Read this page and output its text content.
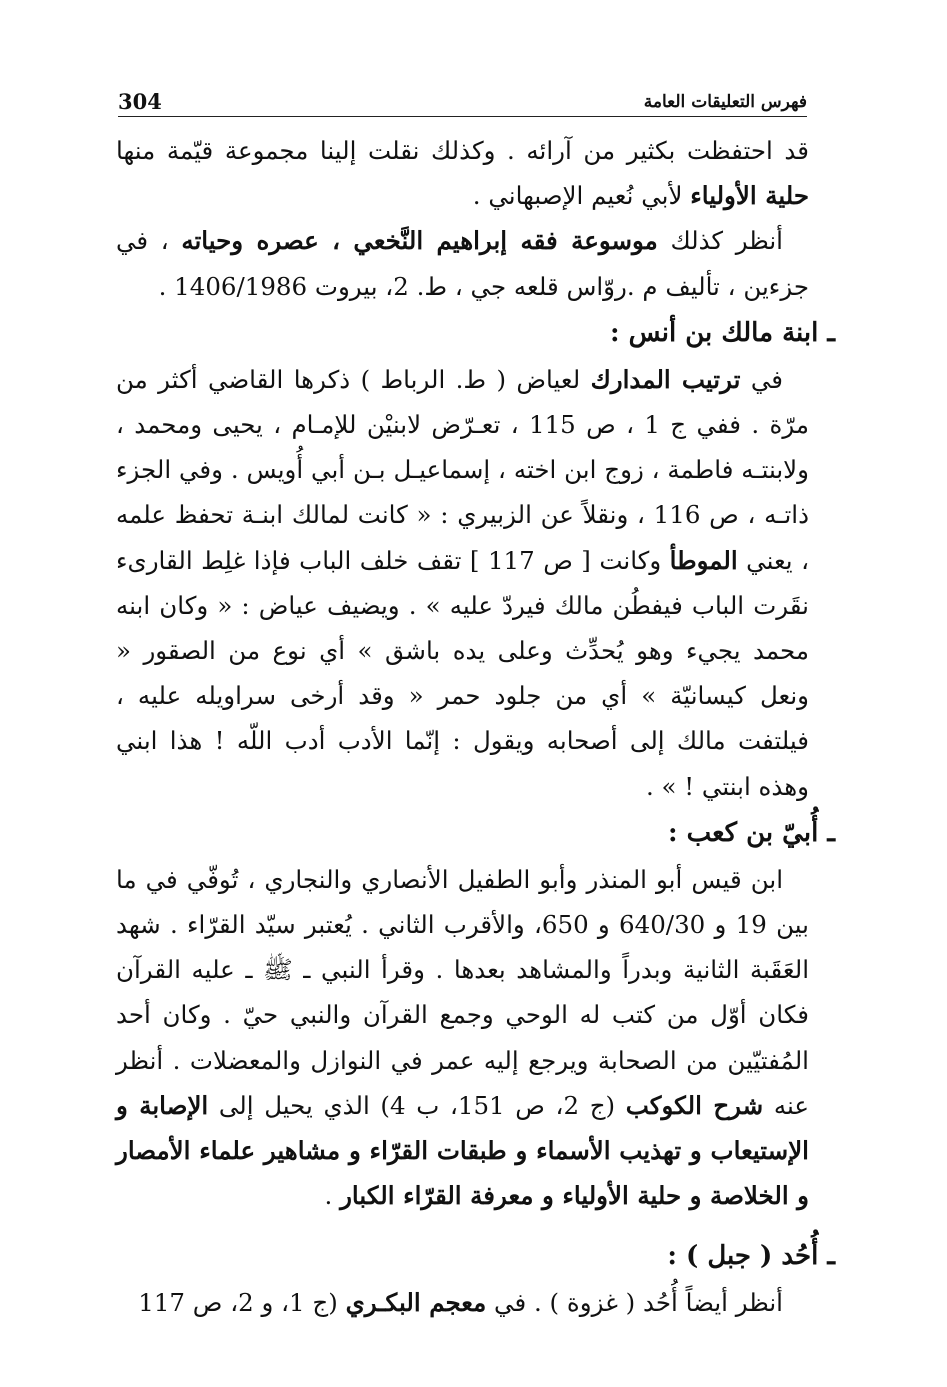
فهرس التعليقات العامة
304

قد احتفظت بكثير من آرائه . وكذلك نقلت إلينا مجموعة قيّمة منها حلية الأولياء لأبي نُعيم الإصبهاني .

أنظر كذلك موسوعة فقه إبراهيم النَّخعي ، عصره وحياته ، في جزءين ، تأليف م .روّاس قلعه جي ، ط. 2، بيروت 1406/1986 .

ـ ابنة مالك بن أنس :

في ترتيب المدارك لعياض ( ط. الرباط ) ذكرها القاضي أكثر من مرّة . ففي ج 1 ، ص 115 ، تعـرّض لابنيْن للإمـام ، يحيى ومحمد ، ولابنتـه فاطمة ، زوج ابن اخته ، إسماعيـل بـن أبي أُويس . وفي الجزء ذاتـه ، ص 116 ، ونقلاً عن الزبيري : « كانت لمالك ابنـة تحفظ علمه ، يعني الموطأ وكانت [ ص 117 ] تقف خلف الباب فإذا غلِط القارىء نقَرت الباب فيفطُن مالك فيردّ عليه » . ويضيف عياض : « وكان ابنه محمد يجيء وهو يُحدِّث وعلى يده باشق » أي نوع من الصقور « ونعل كيسانيّة » أي من جلود حمر « وقد أرخى سراويله عليه ، فيلتفت مالك إلى أصحابه ويقول : إنّما الأدب أدب اللّه ! هذا ابني وهذه ابنتي ! » .

ـ أُبيّ بن كعب :

ابن قيس أبو المنذر وأبو الطفيل الأنصاري والنجاري ، تُوفّي في ما بين 19 و 640/30 و 650، والأقرب الثاني . يُعتبر سيّد القرّاء . شهد العَقَبة الثانية وبدراً والمشاهد بعدها . وقرأ النبي ـ ﷺ ـ عليه القرآن فكان أوّل من كتب له الوحي وجمع القرآن والنبي حيّ . وكان أحد المُفتيّين من الصحابة ويرجع إليه عمر في النوازل والمعضلات . أنظر عنه شرح الكوكب (ج 2، ص 151، ب 4) الذي يحيل إلى الإصابة و الإستيعاب و تهذيب الأسماء و طبقات القرّاء و مشاهير علماء الأمصار و الخلاصة و حلية الأولياء و معرفة القرّاء الكبار .

ـ أُحُد ( جبل ) :

أنظر أيضاً أُحُد ( غزوة ) . في معجم البكـري (ج 1، و 2، ص 117
